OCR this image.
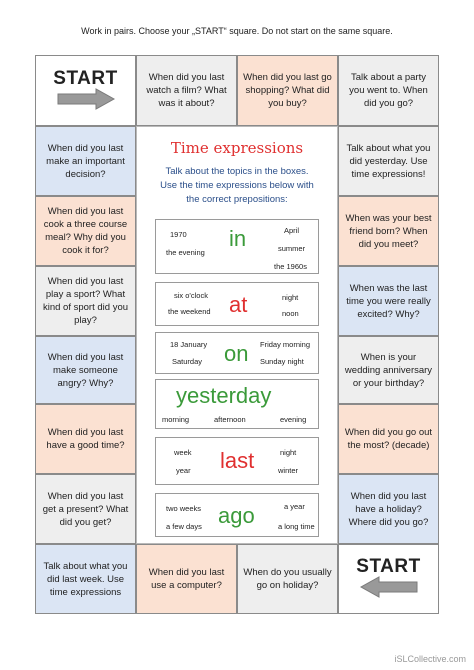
Work in pairs. Choose your „START“ square. Do not start on the same square.
START	When did you last watch a film? What was it about?
When did you last go shopping? What did you buy?
Talk about a party you went to. When did you go?
When did you last make an important decision?
When did you last cook a three course meal? Why did you cook it for?
When did you last play a sport? What kind of sport did you play?
When did you last make someone angry? Why?
When did you last have a good time?
When did you last get a present? What did you get?
Talk about what you did yesterday. Use time expressions!
When was your best friend born? When did you meet?
When was the last time you were really excited? Why?
When is your wedding anniversary or your birthday?
When did you go out the most? (decade)
When did you last have a holiday? Where did you go?
Talk about what you did last week. Use time expressions
When did you last use a computer?
When do you usually go on holiday?
START
Time expressions
Talk about the topics in the boxes.
Use the time expressions below with
the correct prepositions:
1970	April
the evening	summer
the 1960s
in
six o'clock	night
the weekend	noon
at
18 January	Friday morning
Saturday	Sunday night
on
yesterday
morning	afternoon	evening
week	night
year	winter
last
two weeks	a year
a few days	a long time
ago
iSLCollective.com
